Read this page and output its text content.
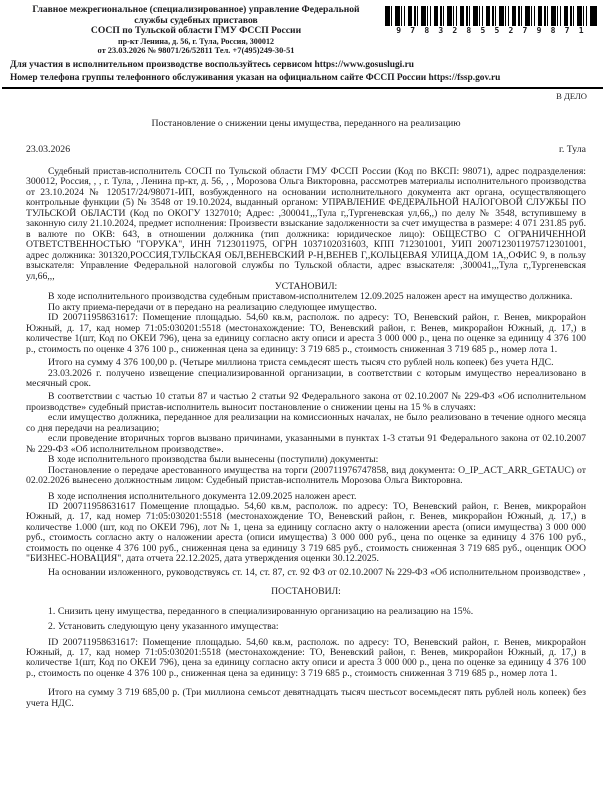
Главное межрегиональное (специализированное) управление Федеральной
службы судебных приставов
СОСП по Тульской области ГМУ ФССП России
пр-кт Ленина, д. 56, г. Тула, Россия, 300012
от 23.03.2026 № 98071/26/52811 Тел. +7(495)249-30-51
9 7 8 3 2 8 5 5 2 7 9 8 7 1
Для участия в исполнительном производстве воспользуйтесь сервисом https://www.gosuslugi.ru
Номер телефона группы телефонного обслуживания указан на официальном сайте ФССП России https://fssp.gov.ru
В ДЕЛО
Постановление о снижении цены имущества, переданного на реализацию
23.03.2026	г. Тула

Судебный пристав-исполнитель СОСП по Тульской области ГМУ ФССП России (Код по ВКСП: 98071), адрес подразделения: 300012, Россия, , , г. Тула, , Ленина пр-кт, д. 56, , , Морозова Ольга Викторовна, рассмотрев материалы исполнительного производства от 23.10.2024 № 120517/24/98071-ИП, возбужденного на основании исполнительного документа акт органа, осуществляющего контрольные функции (5) № 3548 от 19.10.2024, выданный органом: УПРАВЛЕНИЕ ФЕДЕРАЛЬНОЙ НАЛОГОВОЙ СЛУЖБЫ ПО ТУЛЬСКОЙ ОБЛАСТИ (Код по ОКОГУ 1327010; Адрес: ,300041,,,Тула г,,Тургеневская ул,66,,) по делу № 3548, вступившему в законную силу 21.10.2024, предмет исполнения: Произвести взыскание задолженности за счет имущества в размере: 4 071 231.85 руб. в валюте по ОКВ: 643, в отношении должника (тип должника: юридическое лицо): ОБЩЕСТВО С ОГРАНИЧЕННОЙ ОТВЕТСТВЕННОСТЬЮ "ГОРУКА", ИНН 7123011975, ОГРН 1037102031603, КПП 712301001, УИП 2007123011975712301001, адрес должника: 301320,РОССИЯ,ТУЛЬСКАЯ ОБЛ,ВЕНЕВСКИЙ Р-Н,ВЕНЕВ Г,,КОЛЬЦЕВАЯ УЛИЦА,ДОМ 1А,,ОФИС 9, в пользу взыскателя: Управление Федеральной налоговой службы по Тульской области, адрес взыскателя: ,300041,,,Тула г,,Тургеневская ул,66,,,

УСТАНОВИЛ:

В ходе исполнительного производства судебным приставом-исполнителем 12.09.2025 наложен арест на имущество должника.

По акту приема-передачи от в передано на реализацию следующее имущество.

ID 200711958631617: Помещение площадью. 54,60 кв.м, располож. по адресу: ТО, Веневский район, г. Венев, микрорайон Южный, д. 17, кад номер 71:05:030201:5518 (местонахождение: ТО, Веневский район, г. Венев, микрорайон Южный, д. 17,) в количестве 1(шт, Код по ОКЕИ 796), цена за единицу согласно акту описи и ареста 3 000 000 р., цена по оценке за единицу 4 376 100 р., стоимость по оценке 4 376 100 р., сниженная цена за единицу: 3 719 685 р., стоимость сниженная 3 719 685 р., номер лота 1.

Итого на сумму 4 376 100,00 р. (Четыре миллиона триста семьдесят шесть тысяч сто рублей ноль копеек) без учета НДС.

23.03.2026 г. получено извещение специализированной организации, в соответствии с которым имущество нереализовано в месячный срок.

В соответствии с частью 10 статьи 87 и частью 2 статьи 92 Федерального закона от 02.10.2007 № 229-ФЗ «Об исполнительном производстве» судебный пристав-исполнитель выносит постановление о снижении цены на 15 % в случаях:

если имущество должника, переданное для реализации на комиссионных началах, не было реализовано в течение одного месяца со дня передачи на реализацию;

если проведение вторичных торгов вызвано причинами, указанными в пунктах 1-3 статьи 91 Федерального закона от 02.10.2007 № 229-ФЗ «Об исполнительном производстве».

В ходе исполнительного производства были вынесены (поступили) документы:

Постановление о передаче арестованного имущества на торги (200711976747858, вид документа: O_IP_ACT_ARR_GETAUC) от 02.02.2026 вынесено должностным лицом: Судебный пристав-исполнитель Морозова Ольга Викторовна.

В ходе исполнения исполнительного документа 12.09.2025 наложен арест.

ID 200711958631617 Помещение площадью. 54,60 кв.м, располож. по адресу: ТО, Веневский район, г. Венев, микрорайон Южный, д. 17, кад номер 71:05:030201:5518 (местонахождение ТО, Веневский район, г. Венев, микрорайон Южный, д. 17,) в количестве 1.000 (шт, код по ОКЕИ 796), лот № 1, цена за единицу согласно акту о наложении ареста (описи имущества) 3 000 000 руб., стоимость согласно акту о наложении ареста (описи имущества) 3 000 000 руб., цена по оценке за единицу 4 376 100 руб., стоимость по оценке 4 376 100 руб., сниженная цена за единицу 3 719 685 руб., стоимость сниженная 3 719 685 руб., оценщик ООО "БИЗНЕС-НОВАЦИЯ", дата отчета 22.12.2025, дата утверждения оценки 30.12.2025.

На основании изложенного, руководствуясь ст. 14, ст. 87, ст. 92 ФЗ от 02.10.2007 № 229-ФЗ «Об исполнительном производстве» ,

ПОСТАНОВИЛ:

1. Снизить цену имущества, переданного в специализированную организацию на реализацию на 15%.

2. Установить следующую цену указанного имущества:

ID 200711958631617: Помещение площадью. 54,60 кв.м, располож. по адресу: ТО, Веневский район, г. Венев, микрорайон Южный, д. 17, кад номер 71:05:030201:5518 (местонахождение: ТО, Веневский район, г. Венев, микрорайон Южный, д. 17,) в количестве 1(шт, Код по ОКЕИ 796), цена за единицу согласно акту описи и ареста 3 000 000 р., цена по оценке за единицу 4 376 100 р., стоимость по оценке 4 376 100 р., сниженная цена за единицу: 3 719 685 р., стоимость сниженная 3 719 685 р., номер лота 1.

Итого на сумму 3 719 685,00 р. (Три миллиона семьсот девятнадцать тысяч шестьсот восемьдесят пять рублей ноль копеек) без учета НДС.
